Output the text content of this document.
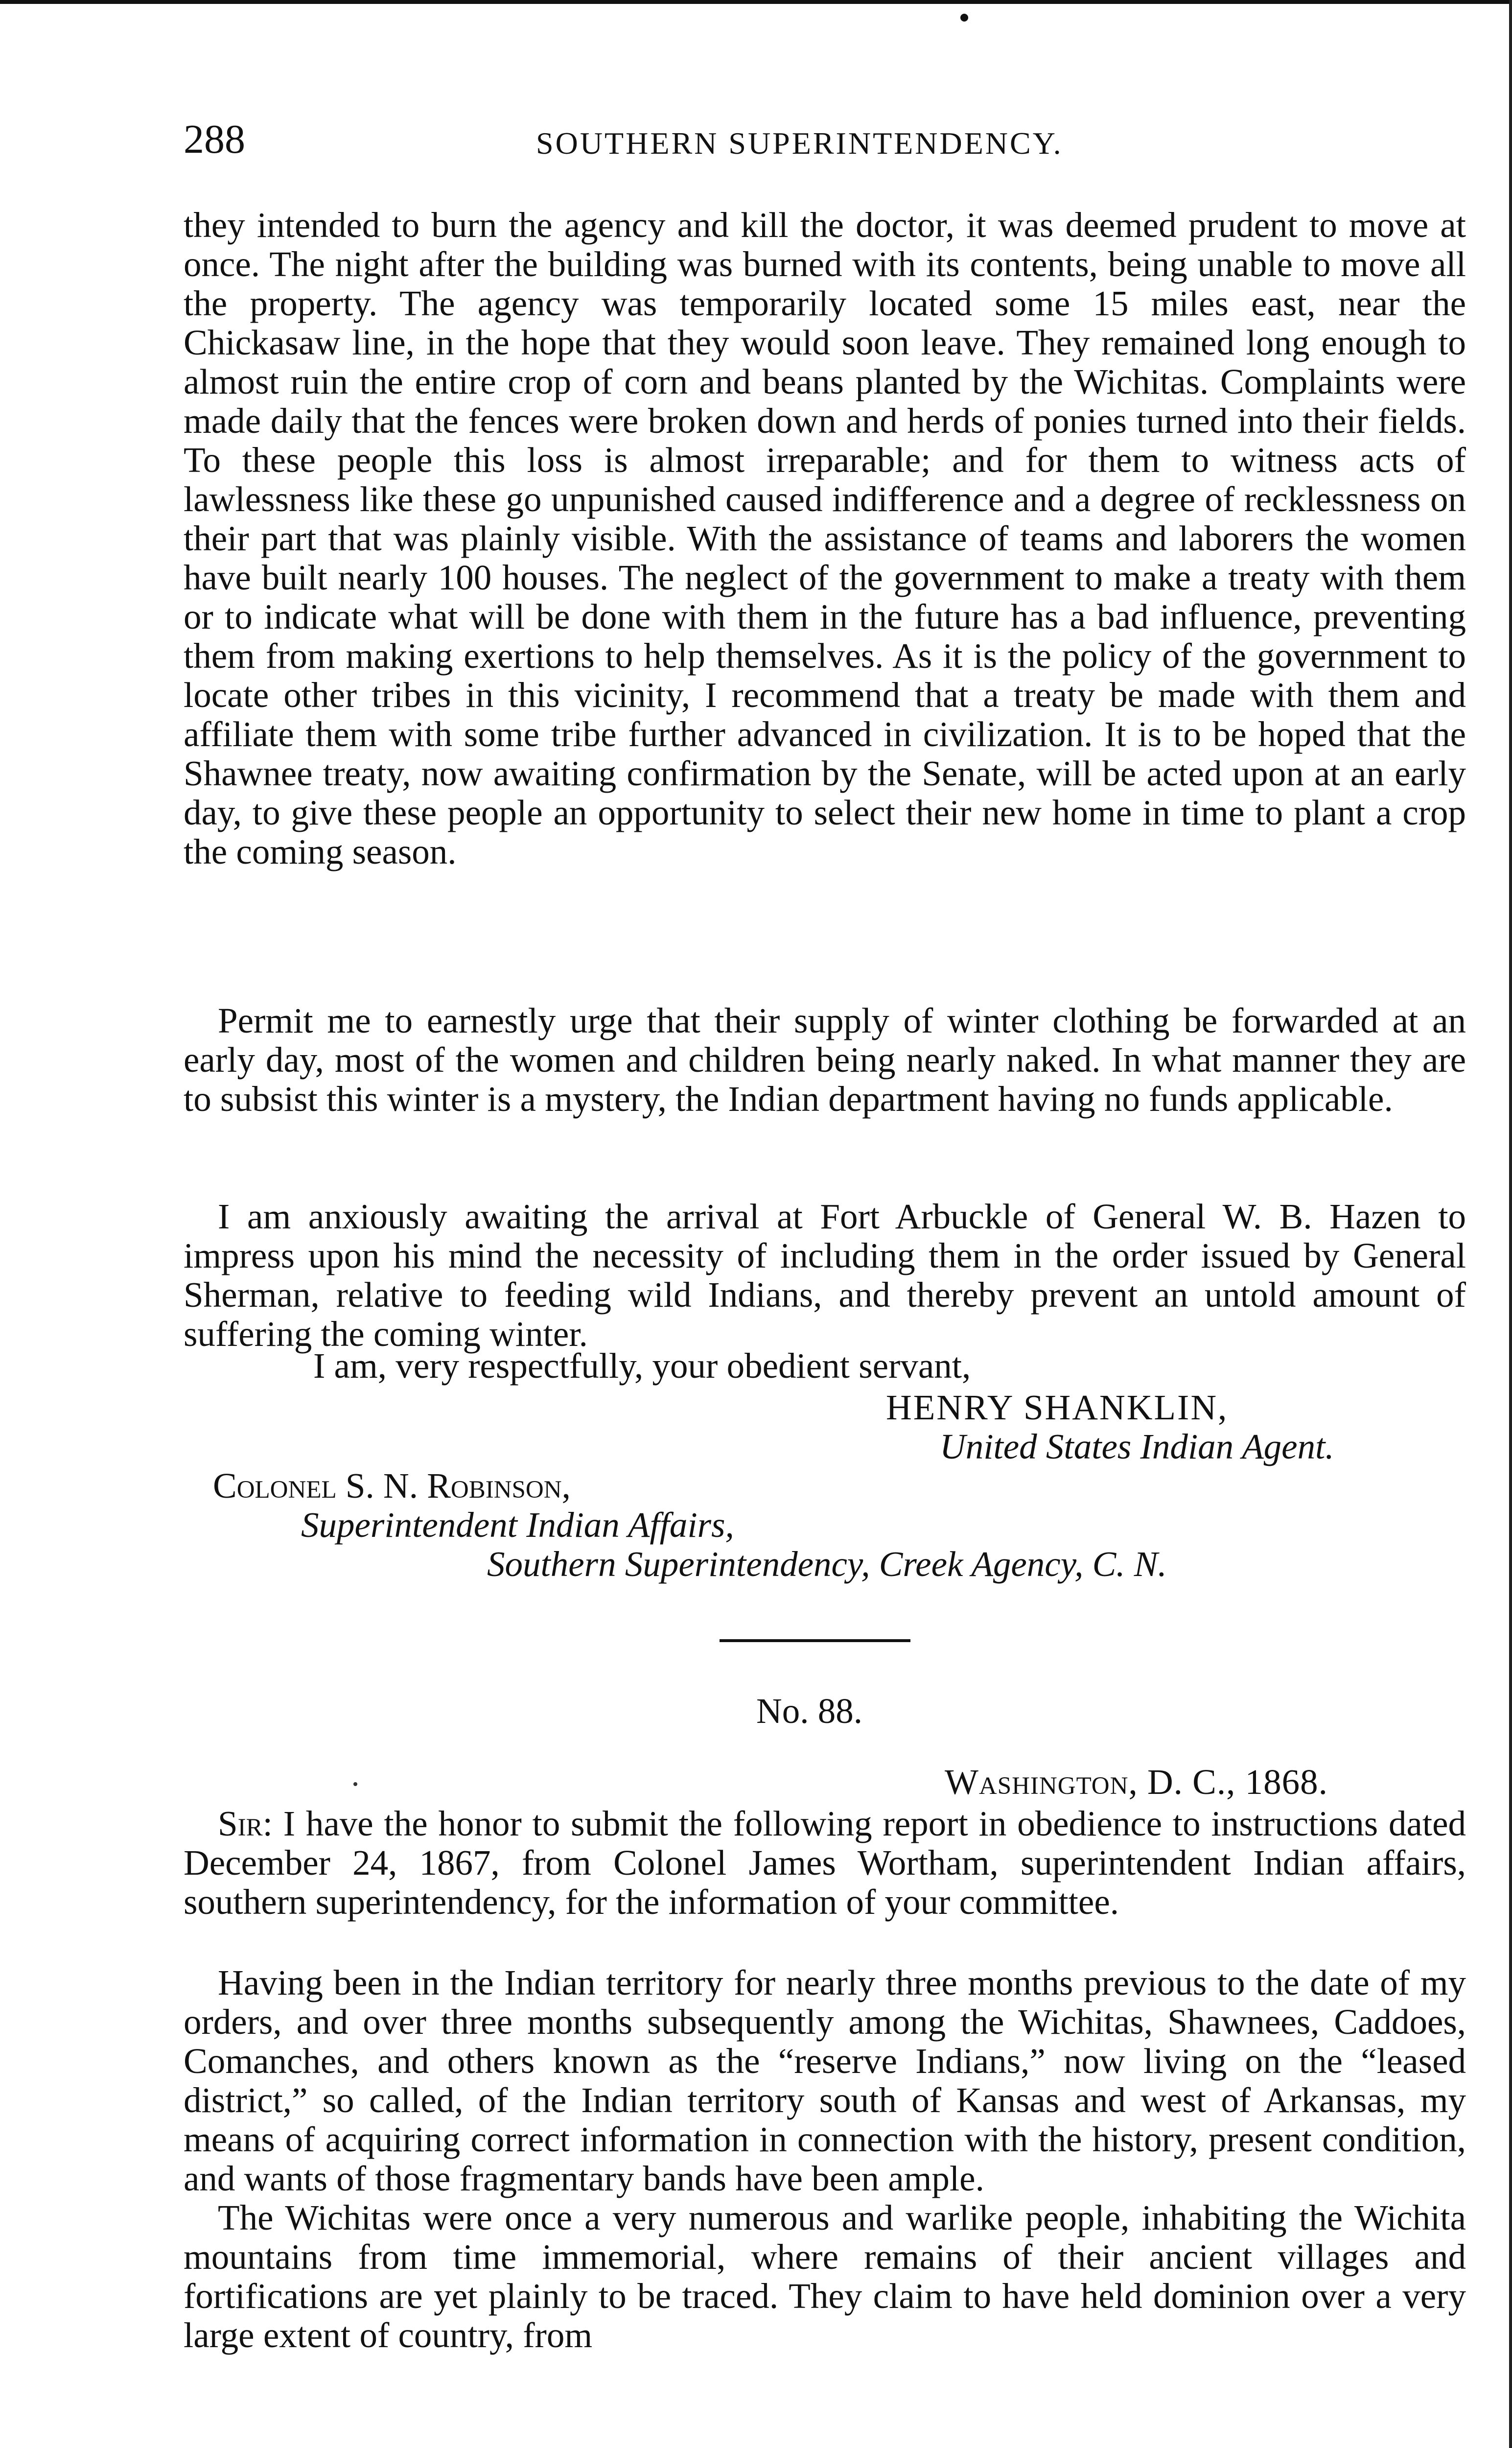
288	SOUTHERN SUPERINTENDENCY.

they intended to burn the agency and kill the doctor, it was deemed prudent to move at once. The night after the building was burned with its contents, being unable to move all the property. The agency was temporarily located some 15 miles east, near the Chickasaw line, in the hope that they would soon leave. They remained long enough to almost ruin the entire crop of corn and beans planted by the Wichitas. Complaints were made daily that the fences were broken down and herds of ponies turned into their fields. To these people this loss is almost irreparable; and for them to witness acts of lawlessness like these go unpunished caused indifference and a degree of recklessness on their part that was plainly visible. With the assistance of teams and laborers the women have built nearly 100 houses. The neglect of the government to make a treaty with them or to indicate what will be done with them in the future has a bad influence, preventing them from making exertions to help themselves. As it is the policy of the government to locate other tribes in this vicinity, I recommend that a treaty be made with them and affiliate them with some tribe further advanced in civilization. It is to be hoped that the Shawnee treaty, now awaiting confirmation by the Senate, will be acted upon at an early day, to give these people an opportunity to select their new home in time to plant a crop the coming season.

Permit me to earnestly urge that their supply of winter clothing be forwarded at an early day, most of the women and children being nearly naked. In what manner they are to subsist this winter is a mystery, the Indian department having no funds applicable.

I am anxiously awaiting the arrival at Fort Arbuckle of General W. B. Hazen to impress upon his mind the necessity of including them in the order issued by General Sherman, relative to feeding wild Indians, and thereby prevent an untold amount of suffering the coming winter.

I am, very respectfully, your obedient servant,
HENRY SHANKLIN,
United States Indian Agent.
Colonel S. N. Robinson,
Superintendent Indian Affairs,
Southern Superintendency, Creek Agency, C. N.
No. 88.
Washington, D. C., 1868.

Sir: I have the honor to submit the following report in obedience to instructions dated December 24, 1867, from Colonel James Wortham, superintendent Indian affairs, southern superintendency, for the information of your committee.

Having been in the Indian territory for nearly three months previous to the date of my orders, and over three months subsequently among the Wichitas, Shawnees, Caddoes, Comanches, and others known as the “reserve Indians,” now living on the “leased district,” so called, of the Indian territory south of Kansas and west of Arkansas, my means of acquiring correct information in connection with the history, present condition, and wants of those fragmentary bands have been ample.

The Wichitas were once a very numerous and warlike people, inhabiting the Wichita mountains from time immemorial, where remains of their ancient villages and fortifications are yet plainly to be traced. They claim to have held dominion over a very large extent of country, from
